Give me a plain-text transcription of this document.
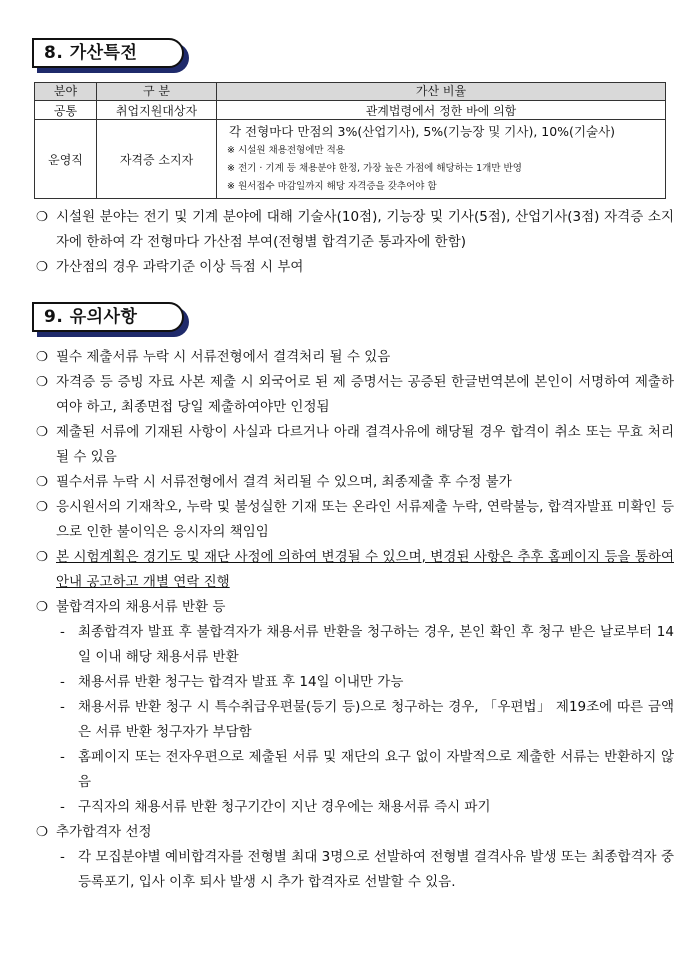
8. 가산특전
분야	구 분	가산 비율
공통	취업지원대상자	관계법령에서 정한 바에 의함
운영직	자격증 소지자	각 전형마다 만점의 3%(산업기사), 5%(기능장 및 기사), 10%(기술사)
※ 시설원 채용전형에만 적용
※ 전기 · 기계 등 채용분야 한정, 가장 높은 가점에 해당하는 1개만 반영
※ 원서접수 마감일까지 해당 자격증을 갖추어야 함
❍ 시설원 분야는 전기 및 기계 분야에 대해 기술사(10점), 기능장 및 기사(5점), 산업기사(3점) 자격증 소지자에 한하여 각 전형마다 가산점 부여(전형별 합격기준 통과자에 한함)
❍ 가산점의 경우 과락기준 이상 득점 시 부여
9. 유의사항
❍ 필수 제출서류 누락 시 서류전형에서 결격처리 될 수 있음
❍ 자격증 등 증빙 자료 사본 제출 시 외국어로 된 제 증명서는 공증된 한글번역본에 본인이 서명하여 제출하여야 하고, 최종면접 당일 제출하여야만 인정됨
❍ 제출된 서류에 기재된 사항이 사실과 다르거나 아래 결격사유에 해당될 경우 합격이 취소 또는 무효 처리될 수 있음
❍ 필수서류 누락 시 서류전형에서 결격 처리될 수 있으며, 최종제출 후 수정 불가
❍ 응시원서의 기재착오, 누락 및 불성실한 기재 또는 온라인 서류제출 누락, 연락불능, 합격자발표 미확인 등으로 인한 불이익은 응시자의 책임임
❍ 본 시험계획은 경기도 및 재단 사정에 의하여 변경될 수 있으며, 변경된 사항은 추후 홈페이지 등을 통하여 안내 공고하고 개별 연락 진행
❍ 불합격자의 채용서류 반환 등
- 최종합격자 발표 후 불합격자가 채용서류 반환을 청구하는 경우, 본인 확인 후 청구 받은 날로부터 14일 이내 해당 채용서류 반환
- 채용서류 반환 청구는 합격자 발표 후 14일 이내만 가능
- 채용서류 반환 청구 시 특수취급우편물(등기 등)으로 청구하는 경우, 「우편법」 제19조에 따른 금액은 서류 반환 청구자가 부담함
- 홈페이지 또는 전자우편으로 제출된 서류 및 재단의 요구 없이 자발적으로 제출한 서류는 반환하지 않음
- 구직자의 채용서류 반환 청구기간이 지난 경우에는 채용서류 즉시 파기
❍ 추가합격자 선정
- 각 모집분야별 예비합격자를 전형별 최대 3명으로 선발하여 전형별 결격사유 발생 또는 최종합격자 중 등록포기, 입사 이후 퇴사 발생 시 추가 합격자로 선발할 수 있음.
